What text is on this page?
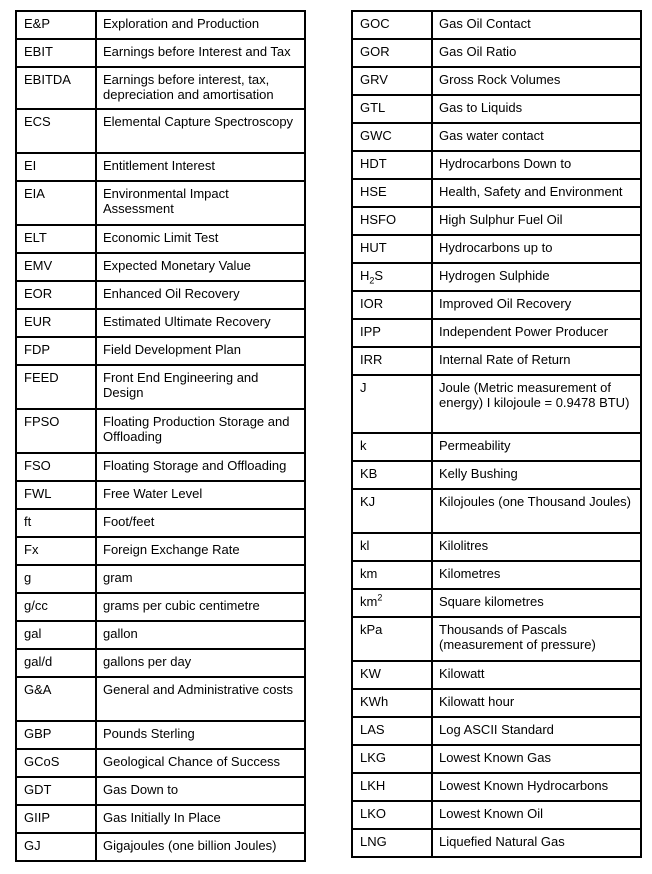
E&P	Exploration and Production
EBIT	Earnings before Interest and Tax
EBITDA	Earnings before interest, tax, depreciation and amortisation
ECS	Elemental Capture Spectroscopy
EI	Entitlement Interest
EIA	Environmental Impact Assessment
ELT	Economic Limit Test
EMV	Expected Monetary Value
EOR	Enhanced Oil Recovery
EUR	Estimated Ultimate Recovery
FDP	Field Development Plan
FEED	Front End Engineering and Design
FPSO	Floating Production Storage and Offloading
FSO	Floating Storage and Offloading
FWL	Free Water Level
ft	Foot/feet
Fx	Foreign Exchange Rate
g	gram
g/cc	grams per cubic centimetre
gal	gallon
gal/d	gallons per day
G&A	General and Administrative costs
GBP	Pounds Sterling
GCoS	Geological Chance of Success
GDT	Gas Down to
GIIP	Gas Initially In Place
GJ	Gigajoules (one billion Joules)
GOC	Gas Oil Contact
GOR	Gas Oil Ratio
GRV	Gross Rock Volumes
GTL	Gas to Liquids
GWC	Gas water contact
HDT	Hydrocarbons Down to
HSE	Health, Safety and Environment
HSFO	High Sulphur Fuel Oil
HUT	Hydrocarbons up to
$H_2S$	Hydrogen Sulphide
IOR	Improved Oil Recovery
IPP	Independent Power Producer
IRR	Internal Rate of Return
J	Joule (Metric measurement of energy) I kilojoule = 0.9478 BTU)
k	Permeability
KB	Kelly Bushing
KJ	Kilojoules (one Thousand Joules)
kl	Kilolitres
km	Kilometres
$km^2$	Square kilometres
kPa	Thousands of Pascals (measurement of pressure)
KW	Kilowatt
KWh	Kilowatt hour
LAS	Log ASCII Standard
LKG	Lowest Known Gas
LKH	Lowest Known Hydrocarbons
LKO	Lowest Known Oil
LNG	Liquefied Natural Gas
